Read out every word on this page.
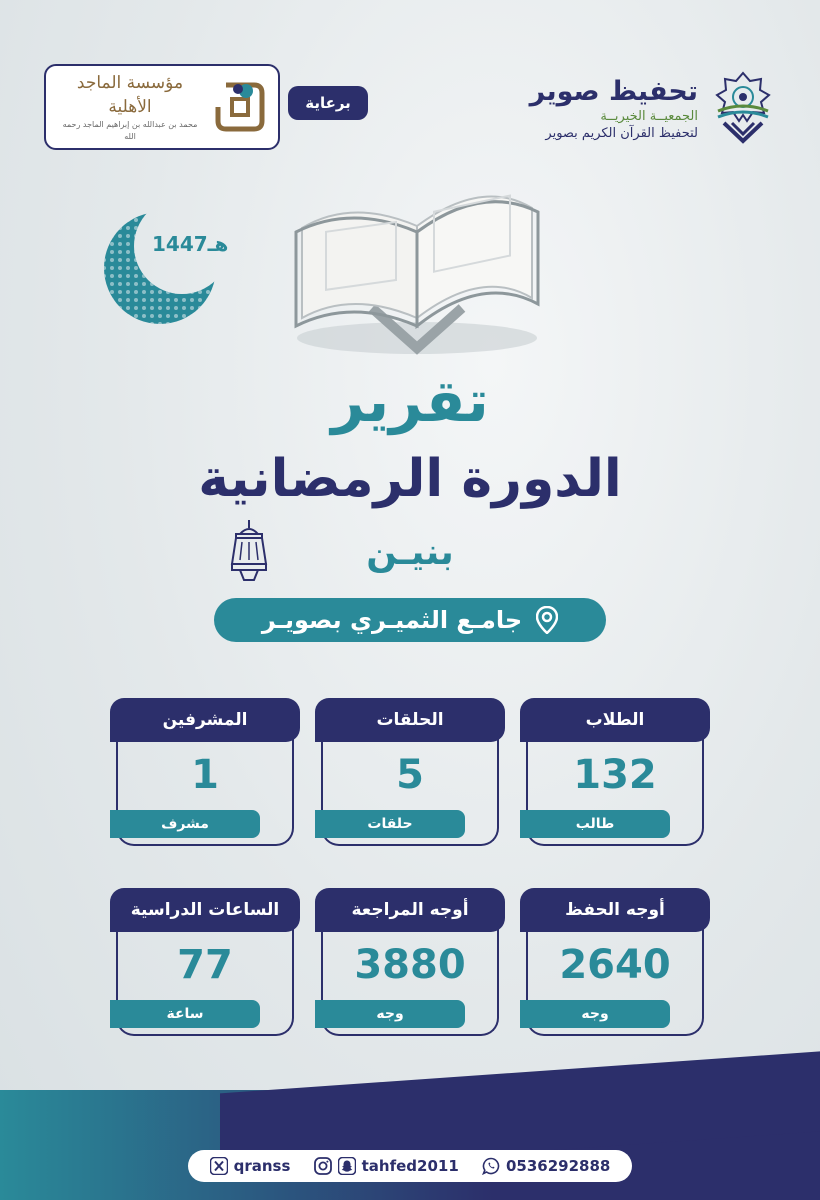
تحفيظ صوير
الجمعيــة الخيريــة
لتحفيظ القرآن الكريم بصوير
برعاية
مؤسسة الماجد الأهلية
محمد بن عبدالله بن إبراهيم الماجد رحمه الله
1447هـ
تقرير
الدورة الرمضانية
بنيـن
جامـع الثميـري بصويـر
الطلاب
132
طالب
الحلقات
5
حلقات
المشرفين
1
مشرف
أوجه الحفظ
2640
وجه
أوجه المراجعة
3880
وجه
الساعات الدراسية
77
ساعة
qranss	tahfed2011	0536292888
